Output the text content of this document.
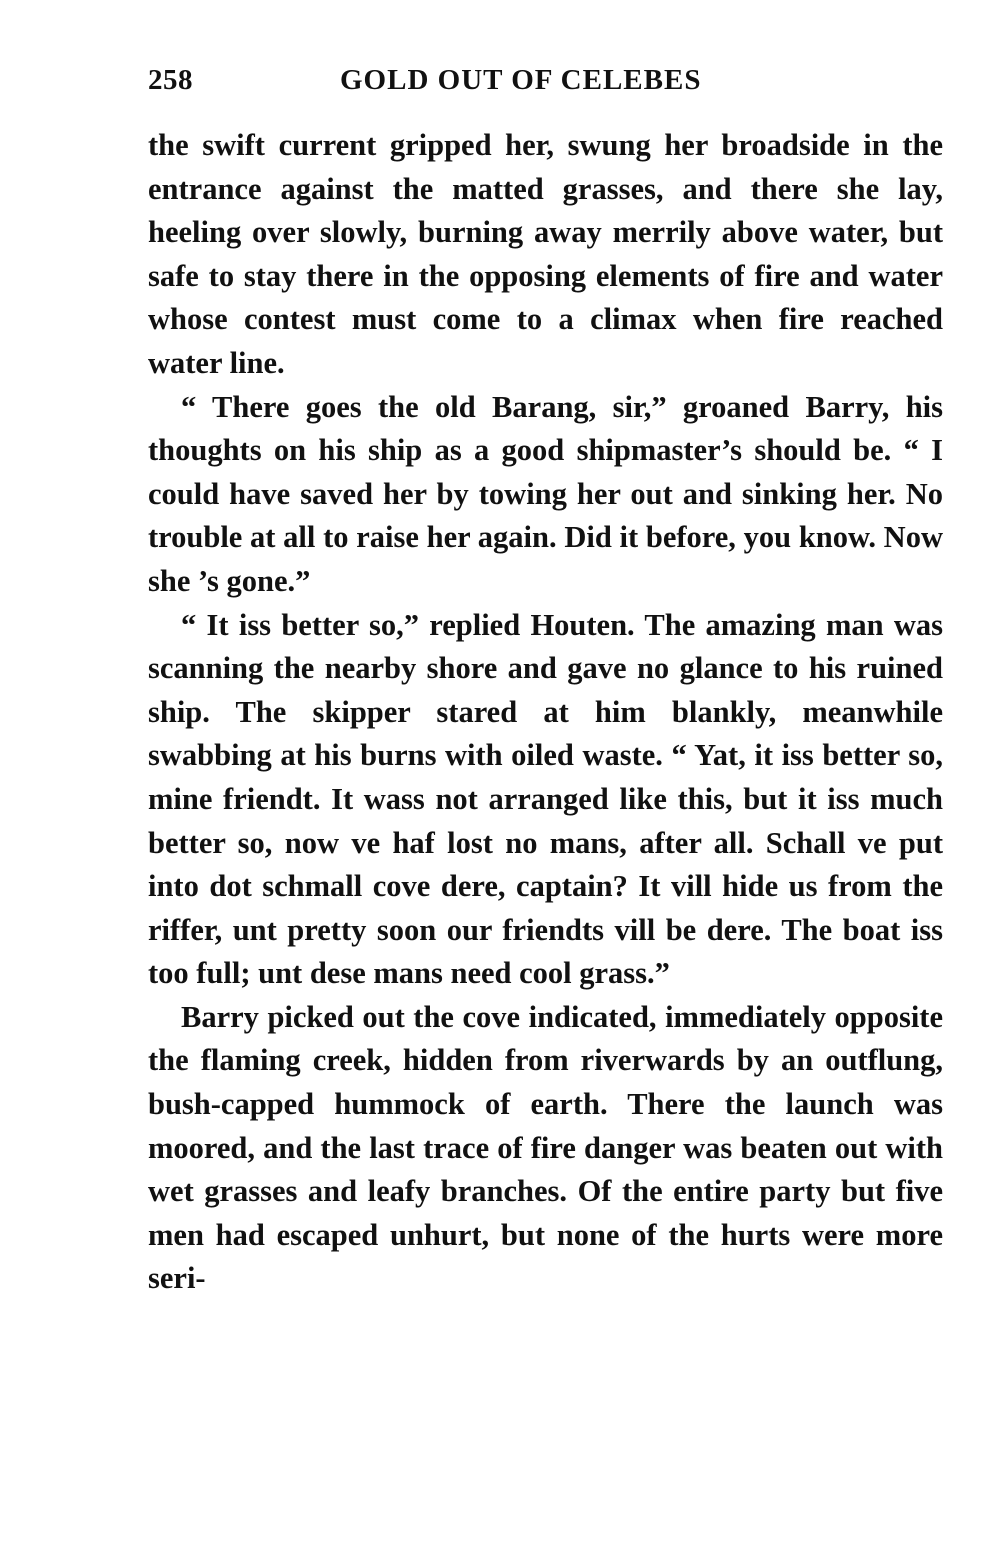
258	GOLD OUT OF CELEBES

the swift current gripped her, swung her broadside in the entrance against the matted grasses, and there she lay, heeling over slowly, burning away merrily above water, but safe to stay there in the opposing elements of fire and water whose contest must come to a climax when fire reached water line.

“ There goes the old Barang, sir,” groaned Barry, his thoughts on his ship as a good shipmaster’s should be. “ I could have saved her by towing her out and sinking her. No trouble at all to raise her again. Did it before, you know. Now she ’s gone.”

“ It iss better so,” replied Houten. The amazing man was scanning the nearby shore and gave no glance to his ruined ship. The skipper stared at him blankly, meanwhile swabbing at his burns with oiled waste. “ Yat, it iss better so, mine friendt. It wass not arranged like this, but it iss much better so, now ve haf lost no mans, after all. Schall ve put into dot schmall cove dere, captain? It vill hide us from the riffer, unt pretty soon our friendts vill be dere. The boat iss too full; unt dese mans need cool grass.”

Barry picked out the cove indicated, immediately opposite the flaming creek, hidden from riverwards by an outflung, bush-capped hummock of earth. There the launch was moored, and the last trace of fire danger was beaten out with wet grasses and leafy branches. Of the entire party but five men had escaped unhurt, but none of the hurts were more seri-
